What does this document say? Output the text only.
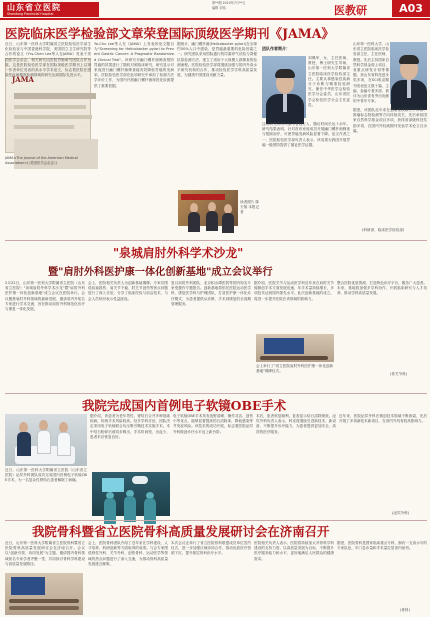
山东省立医院
Shandong Provincial Hospital
第**期 2019年7月**日
编辑 刘伟	医教研	A03
医院临床医学检验部文章荣登国际顶级医学期刊《JAMA》
JAMA
JAMA<The Journal of the American Medical Association>(《美国医学会杂志》)
近日，山东第一医科大学附属省立医院检验医学部生化检验室与中国香港科学院、美国国立卫生研究院等合作的论文《Yrs.Chen Lee等人在JAMA》发表于美国医学会杂志，相关研究由医院胃肠研究团队合作开展。这是医院检验医学部在国际顶级医学期刊上以第一作者单位发表的高水平学术论文，标志着医院在感染性疾病精准检测领域的研究达到国际先进水平。
Yo-Chu Lee等人在《JAMA》上发表的论文题目为"Screening for Helicobacter pylori to Prevent Gastric Cancer: A Pragmatic Randomized Clinical Trial"。该研究对幽门螺杆菌筛查预防胃癌的效果进行了随机对照临床研究，研究显示对家庭进行幽门螺杆菌筛查能有效降低胃癌的发病率。医院检验医学部在此项研究中承担了检测方法学评价工作，为国内开展幽门螺杆菌规范化检测提供了重要依据。
据统计，幽门螺杆菌(Helicobacter pylori)在全球约50%人口中感染，是胃癌最重要的危险因素之一。研究团队采用国际通行的尿素呼气试验与粪便抗原检测方法，建立了适用于大规模人群筛查的检测流程。医院检验医学部将继续加强与国内外高水平研究机构的合作，推动检验医学学科高质量发展，为健康中国建设贡献力量。
读者照片 陈天翔 本报记者
团队作者简介：
刘佩华，女，主任医师、教授，博士研究生导师，山东第一医科大学附属省立医院临床医学检验部主任。主要从事感染性疾病分子诊断与精准检验研究，兼任中华医学会检验医学分会委员、山东省医学会检验医学分会主任委员。
这项研究共纳入参与者数万人，随访时间长达十余年。研究结果表明，针对首诊家庭成员开展幽门螺杆菌筛查与根除治疗，可使胃癌发病风险显著下降。论文作者之一、医院检验医学部负责人表示，该成果为我国开展胃癌一级预防提供了循证医学证据。
山东第一医科大学、山东省立医院临床医学检验部主任，主任医师、教授。先后主持国家自然科学基金面上项目、省重点研发计划等课题，获山东省科技进步奖多项，在SCI收录期刊发表论文数十篇，主编、参编专著多部，被评为山东省有突出贡献的中青年专家。
据悉，该团队近年来在感染性疾病分子诊断、肿瘤标志物检测等方向持续攻关，先后承担国家自然科学基金项目多项，获得省部级科技奖励多项，在国内外权威期刊发表学术论文百余篇。
(科研部、临床医学检验部)
"泉城肩肘外科学术沙龙"
暨"肩肘外科医护康一体化创新基地"成立会议举行
2月22日，山东第一医科大学附属省立医院（山东省立医院）"泉城肩肘外科学术沙龙"暨"肩肘外科医护康一体化创新基地"成立会议在医院举行。会议聚焦肩肘外科领域的最新进展，邀请省内外知名专家进行学术交流，旨在推动肩肘外科规范化诊疗与康复一体化发展。
会上，医院相关负责人为创新基地揭牌。专家们围绕肩袖损伤、肩关节不稳、肘关节创伤等热点问题进行了深入讨论，分享了临床经验与前沿技术，与会人员纷纷表示受益匪浅。
复旦肩肘外科团队、北京积水潭医院等国内知名专家受邀作专题报告。创新基地将依托医院运动医学科、康复医学科与护理团队，打造医护康一体化诊疗模式，为患者提供从诊断、手术到康复的全周期管理服务。
据介绍，医院关节与运动医学科近年来在肩肘关节镜微创手术方面发展迅速，年手术量持续增长，多项技术达到国内领先水平。此次创新基地的成立，将进一步提升医院在该领域的影响力。
会上举行了"省立医院肩肘外科医护康一体化创新基地"揭牌仪式。
整合医院优质资源，打造特色诊疗平台，服务广大患者。未来，基地将加强多学科协作，开展临床研究与人才培养，推动学科高质量发展。
(骨关节科)
我院完成国内首例电子软镜OBE手术
近日，山东第一医科大学附属省立医院（山东省立医院）泌尿外科团队成功完成国内首例电子软镜OBE手术，为一名复杂性肾结石患者解除了病痛。
据介绍，该患者为老年男性，肾结石合并多种基础疾病，传统手术风险较高。经多学科讨论，团队决定采用电子软镜联合负压吸引鞘技术实施手术。术中结石粉碎后被同步吸出，手术时间短、出血少，患者术后恢复良好。
电子软镜OBE手术具有视野清晰、操作灵活、创伤小等优点，能够显著提高结石清除率，降低感染等并发症风险。该技术的成功开展，标志着医院泌尿外科微创诊疗水平迈上新台阶。
术后，患者恢复顺利，复查显示结石清除彻底。泌尿外科负责人表示，科室将继续引进新技术、新设备，不断提升诊疗能力，为患者提供更加安全、高效的医疗服务。
近年来，医院泌尿外科在微创技术领域不断探索，先后开展了多项新技术新项目，在省内外具有较高影响力。
(泌尿外科)
我院骨科暨省立医院骨科高质量发展研讨会在济南召开
近日，山东第一医科大学附属省立医院骨科暨省立医院骨科高质量发展研讨会在济南召开。会议以"创新引领、协同发展"为主题，邀请国内骨科领域知名专家学者齐聚一堂，共同探讨骨科学科建设与高质量发展路径。
会上，医院骨科团队介绍了近年来在学科建设、人才培养、科研创新等方面取得的成绩。与会专家围绕脊柱外科、关节外科、创伤骨科、运动医学等领域的热点问题进行了深入交流，为推动骨科高质量发展建言献策。
本次会议还举行了省立医院骨科联盟成员单位签约仪式，进一步加强区域协同合作，推动优质医疗资源下沉，提升基层骨科诊疗水平。
医院相关负责人表示，医院将持续加大对骨科学科建设的支持力度，以高质量发展为目标，不断提升医疗服务能力和水平，更好地满足人民群众的健康需求。
据悉，医院骨科是国家临床重点专科，拥有一支高水平的专家队伍，年门急诊量和手术量位居省内前列。
(骨科)
